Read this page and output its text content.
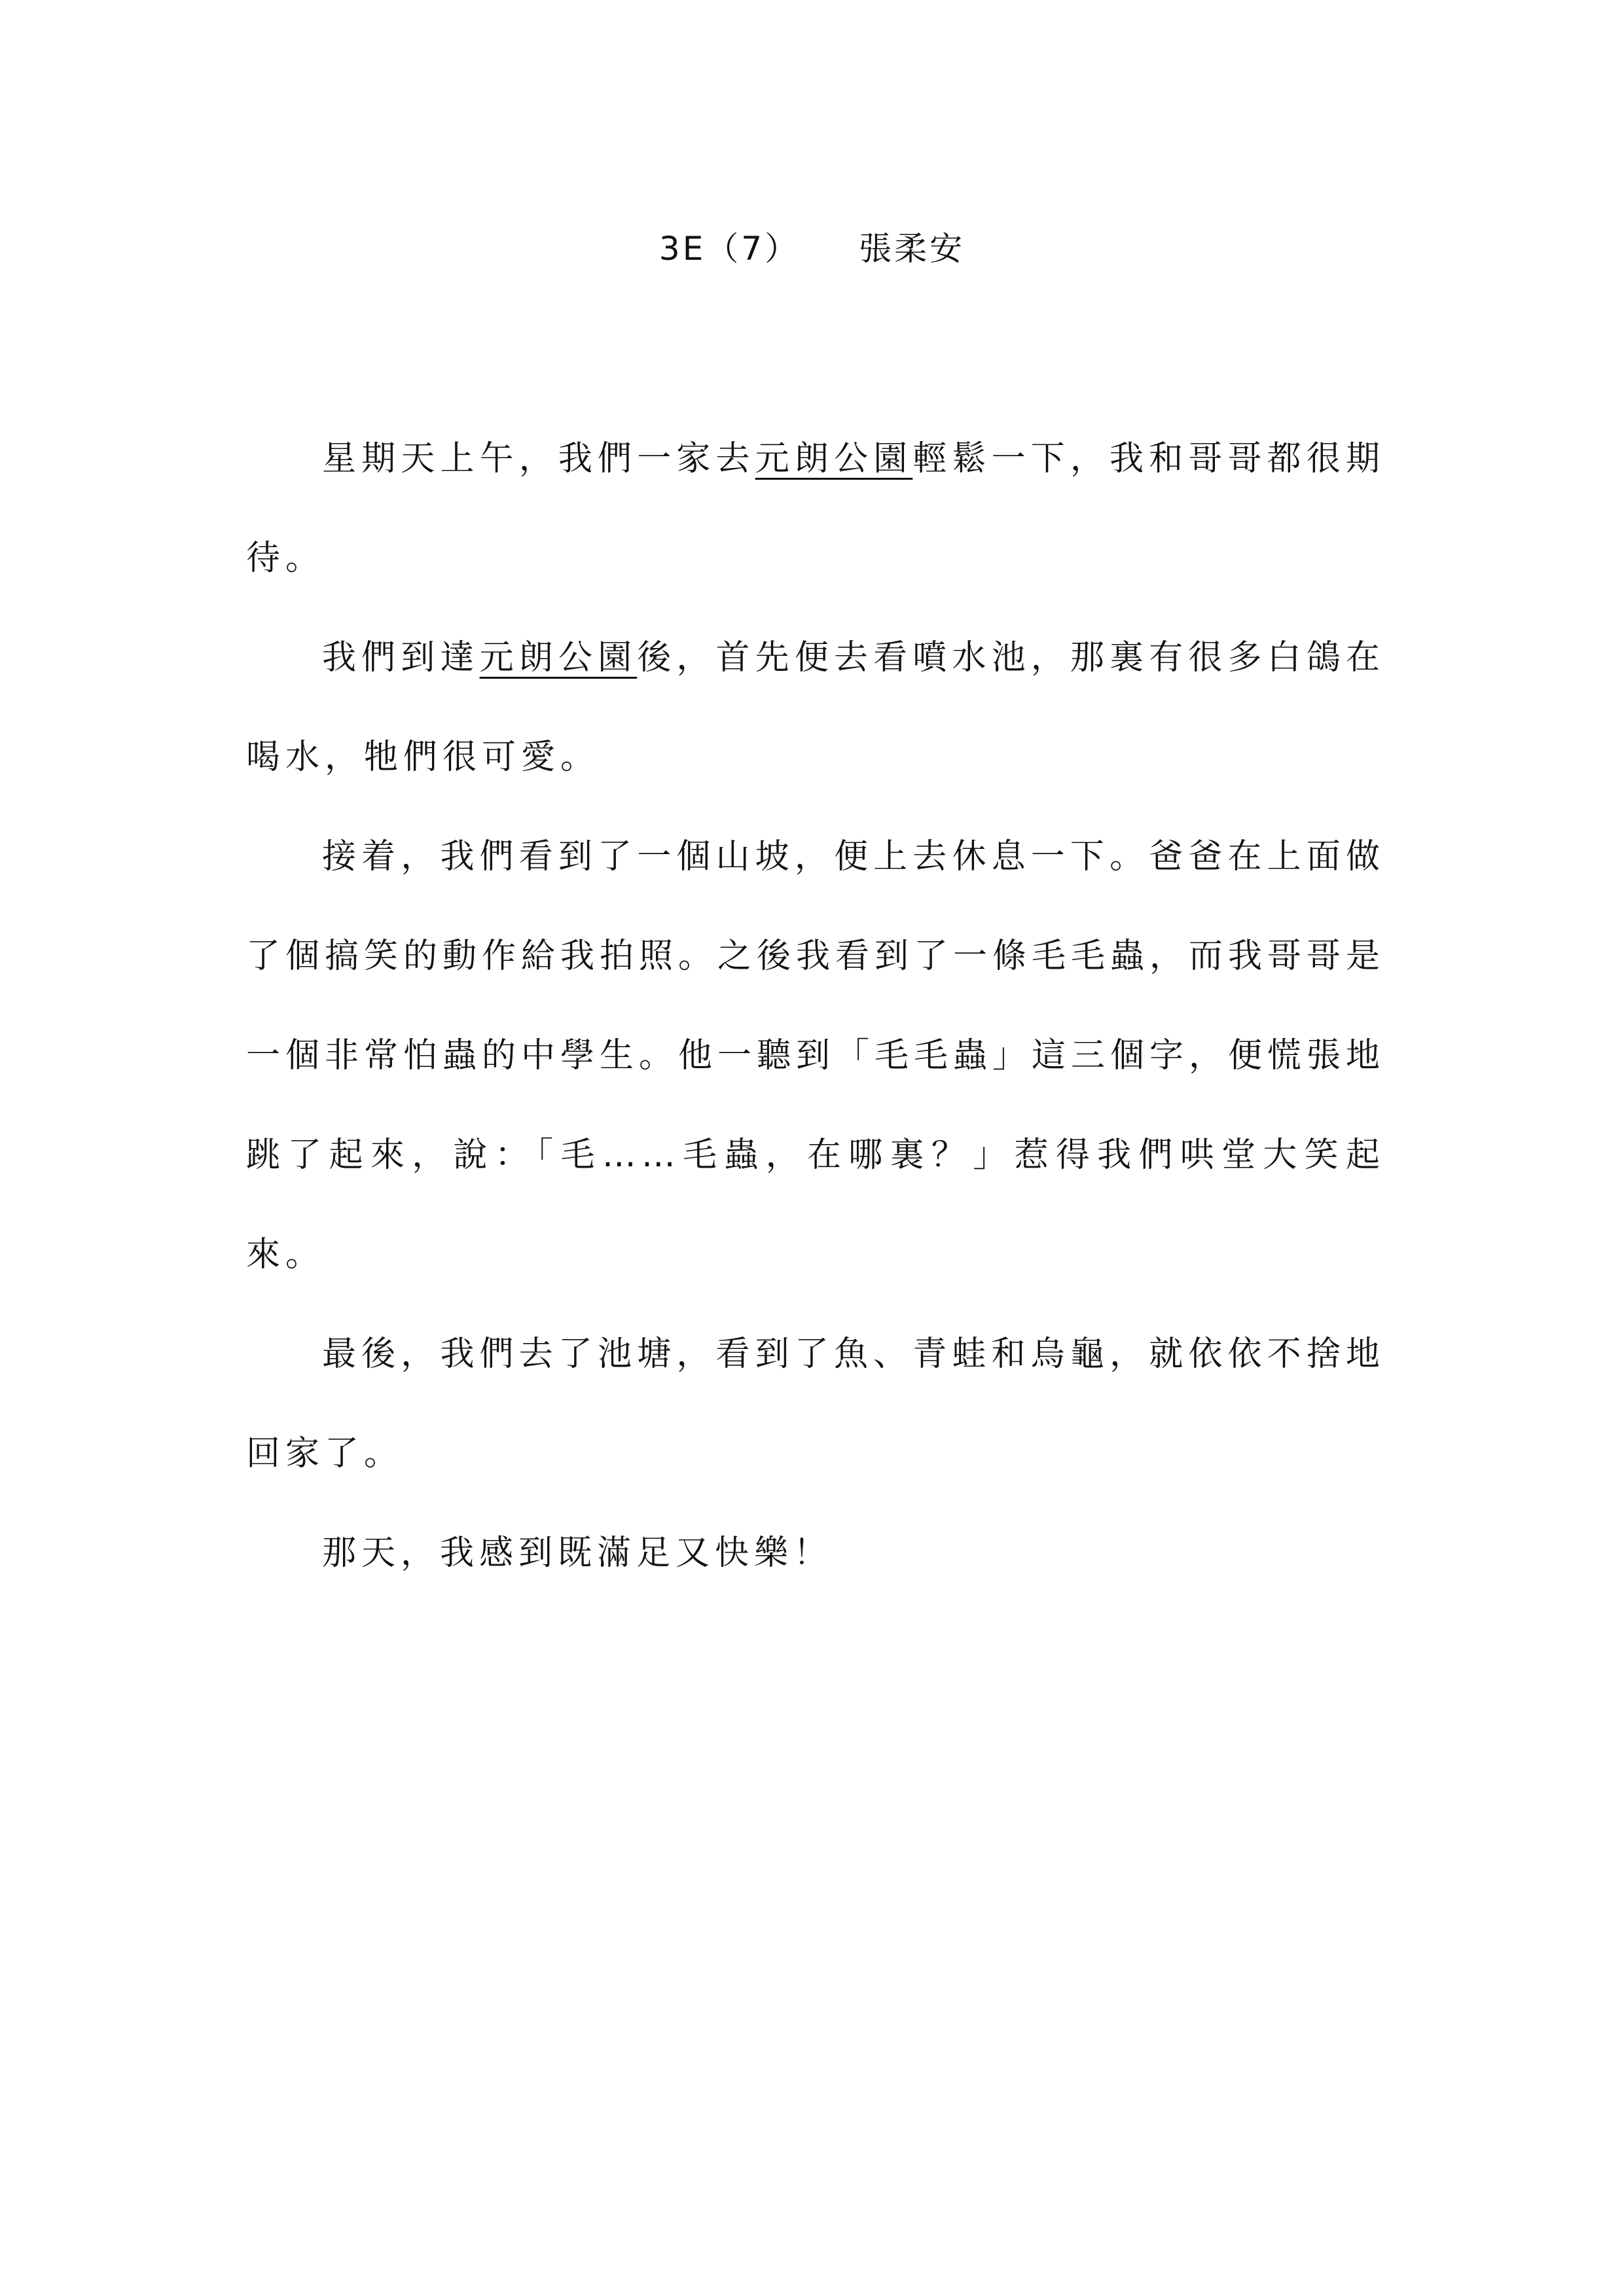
3E（7） 張柔安

星期天上午，我們一家去元朗公園輕鬆一下，我和哥哥都很期待。

我們到達元朗公園後，首先便去看噴水池，那裏有很多白鴿在喝水，牠們很可愛。

接着，我們看到了一個山坡，便上去休息一下。爸爸在上面做了個搞笑的動作給我拍照。之後我看到了一條毛毛蟲，而我哥哥是一個非常怕蟲的中學生。他一聽到「毛毛蟲」這三個字，便慌張地跳了起來，說：「毛……毛蟲，在哪裏？」惹得我們哄堂大笑起來。

最後，我們去了池塘，看到了魚、青蛙和烏龜，就依依不捨地回家了。

那天，我感到既滿足又快樂！
